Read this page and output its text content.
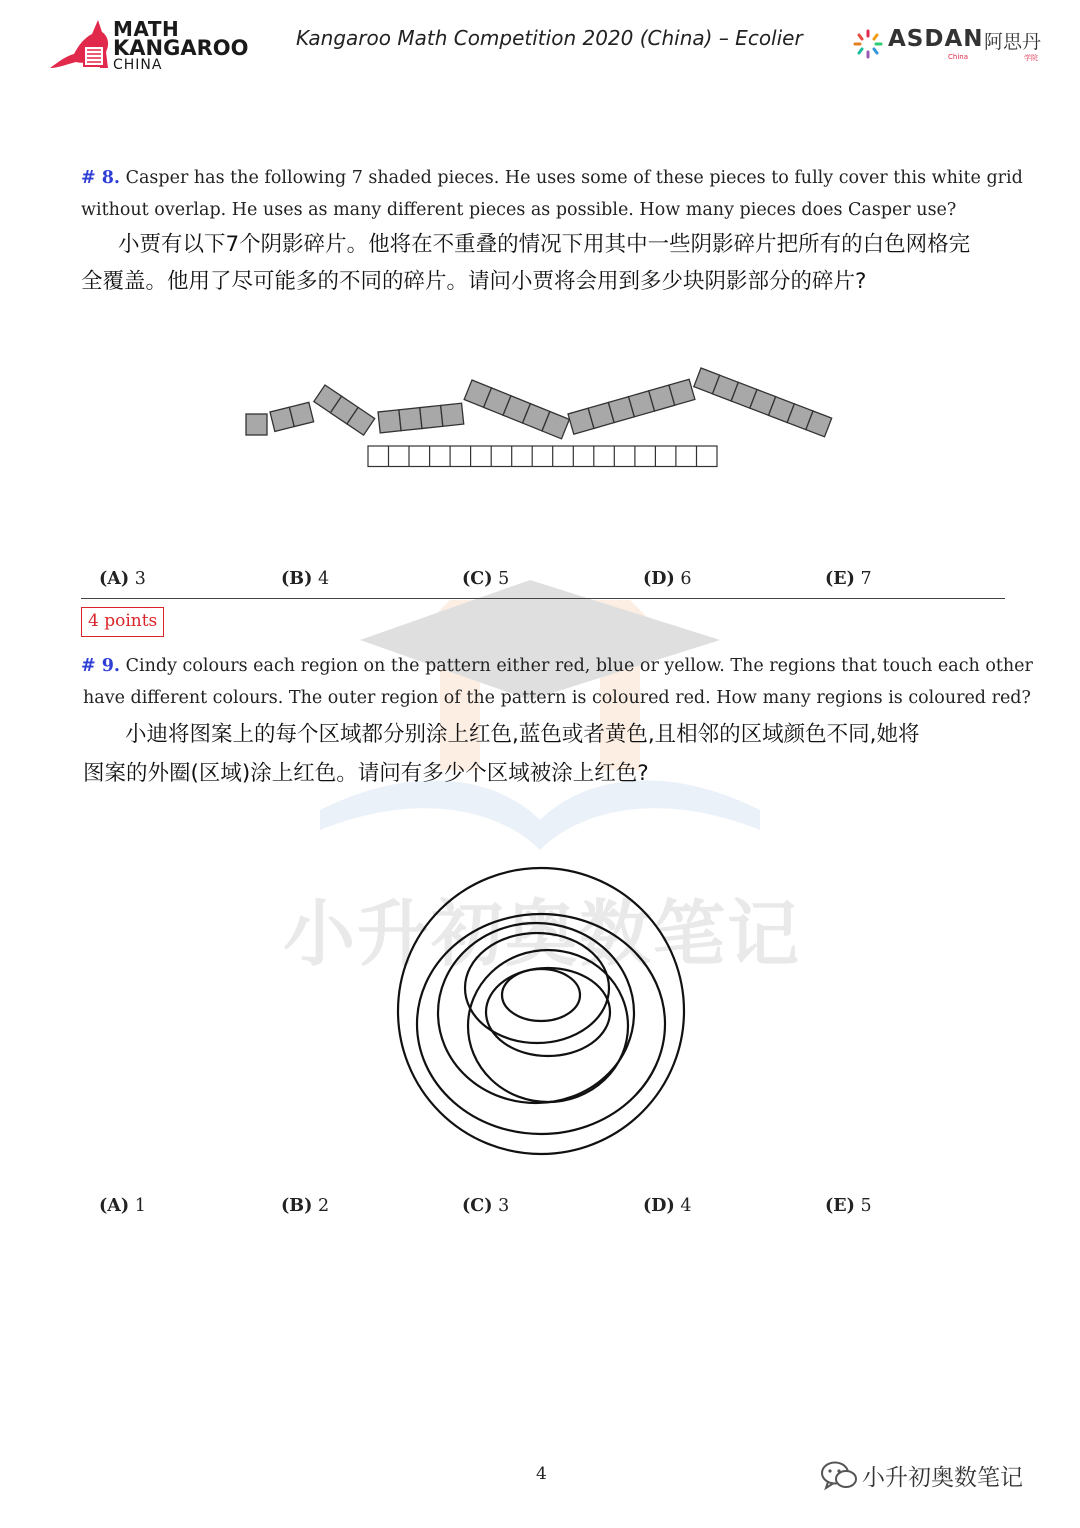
MATH
KANGAROO
CHINA
Kangaroo Math Competition 2020 (China) – Ecolier	ASDAN 阿思丹
China	学院
小升初奥数笔记
# 8. Casper has the following 7 shaded pieces. He uses some of these pieces to fully cover this white grid
without overlap. He uses as many different pieces as possible. How many pieces does Casper use?
小贾有以下7个阴影碎片。他将在不重叠的情况下用其中一些阴影碎片把所有的白色网格完
全覆盖。他用了尽可能多的不同的碎片。请问小贾将会用到多少块阴影部分的碎片?
(A) 3	(B) 4	(C) 5	(D) 6	(E) 7
4 points
# 9. Cindy colours each region on the pattern either red, blue or yellow. The regions that touch each other
have different colours. The outer region of the pattern is coloured red. How many regions is coloured red?
小迪将图案上的每个区域都分别涂上红色,蓝色或者黄色,且相邻的区域颜色不同,她将
图案的外圈(区域)涂上红色。请问有多少个区域被涂上红色?
(A) 1	(B) 2	(C) 3	(D) 4	(E) 5
4	小升初奥数笔记
